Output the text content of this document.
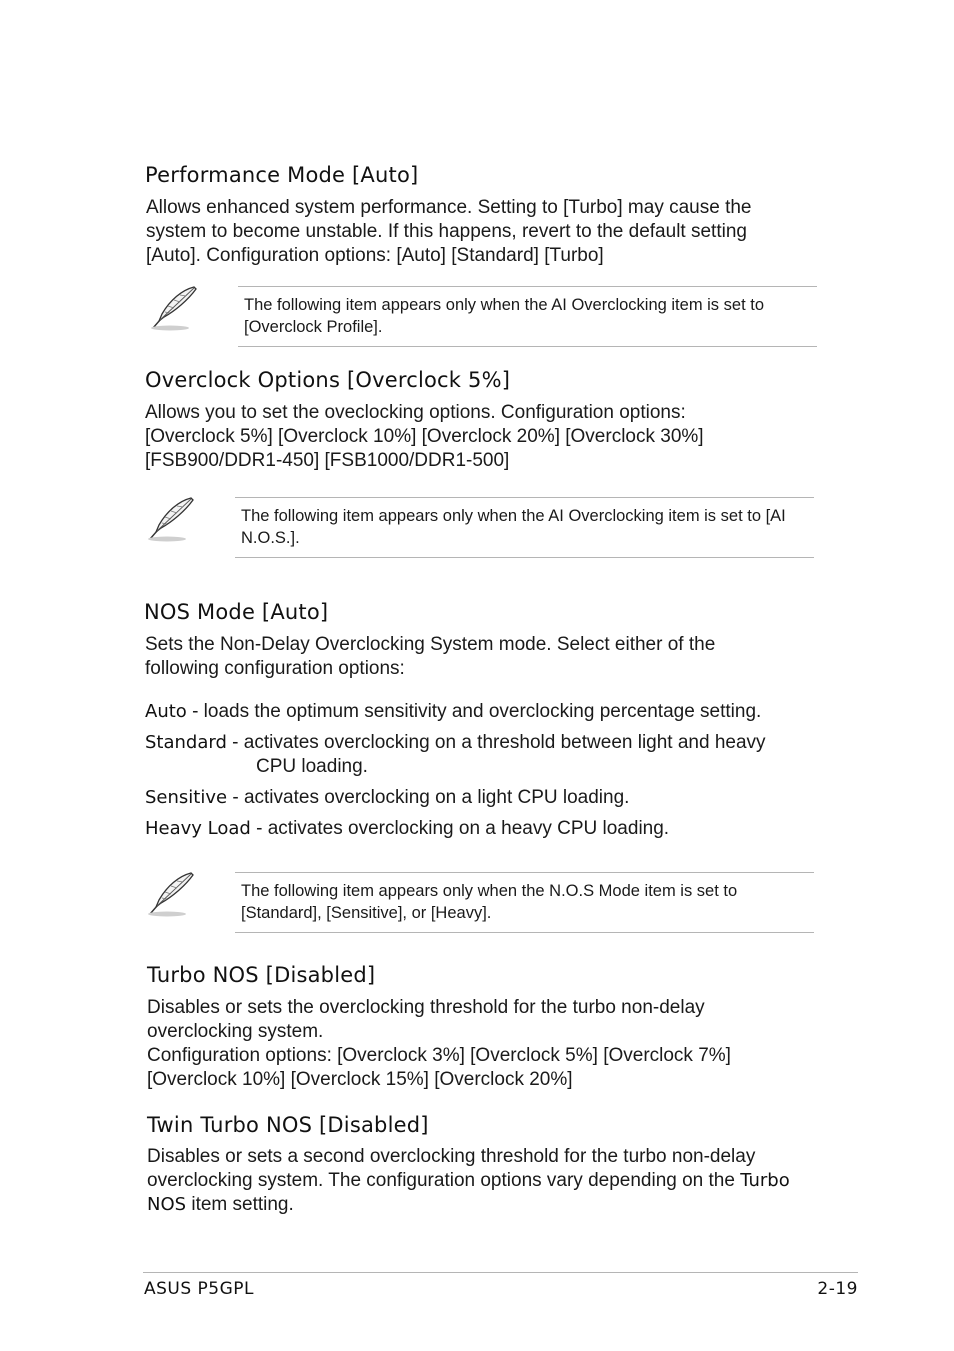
Performance Mode [Auto]

Allows enhanced system performance. Setting to [Turbo] may cause the system to become unstable. If this happens, revert to the default setting [Auto]. Configuration options: [Auto] [Standard] [Turbo]

The following item appears only when the AI Overclocking item is set to [Overclock Profile].

Overclock Options [Overclock 5%]

Allows you to set the oveclocking options. Configuration options: [Overclock 5%] [Overclock 10%] [Overclock 20%] [Overclock 30%] [FSB900/DDR1-450] [FSB1000/DDR1-500]

The following item appears only when the AI Overclocking item is set to [AI N.O.S.].

NOS Mode [Auto]

Sets the Non-Delay Overclocking System mode. Select either of the following configuration options:

Auto - loads the optimum sensitivity and overclocking percentage setting.

Standard - activates overclocking on a threshold between light and heavy

CPU loading.

Sensitive - activates overclocking on a light CPU loading.

Heavy Load - activates overclocking on a heavy CPU loading.

The following item appears only when the N.O.S Mode item is set to [Standard], [Sensitive], or [Heavy].

Turbo NOS [Disabled]

Disables or sets the overclocking threshold for the turbo non-delay overclocking system.

Configuration options: [Overclock 3%] [Overclock 5%] [Overclock 7%] [Overclock 10%] [Overclock 15%] [Overclock 20%]

Twin Turbo NOS [Disabled]

Disables or sets a second overclocking threshold for the turbo non-delay overclocking system. The configuration options vary depending on the Turbo NOS item setting.

ASUS P5GPL	2-19
